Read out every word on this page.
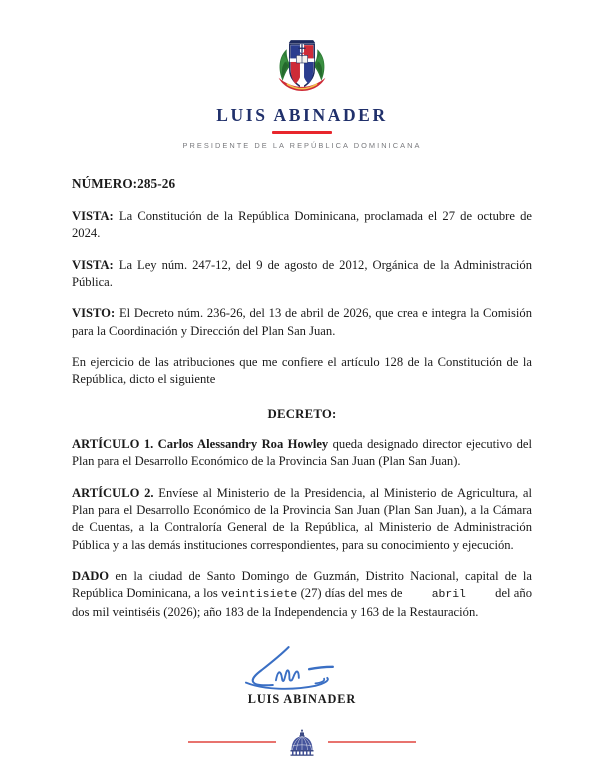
LUIS ABINADER
PRESIDENTE DE LA REPÚBLICA DOMINICANA
NÚMERO:285-26

VISTA: La Constitución de la República Dominicana, proclamada el 27 de octubre de 2024.

VISTA: La Ley núm. 247-12, del 9 de agosto de 2012, Orgánica de la Administración Pública.

VISTO: El Decreto núm. 236-26, del 13 de abril de 2026, que crea e integra la Comisión para la Coordinación y Dirección del Plan San Juan.

En ejercicio de las atribuciones que me confiere el artículo 128 de la Constitución de la República, dicto el siguiente

DECRETO:

ARTÍCULO 1. Carlos Alessandry Roa Howley queda designado director ejecutivo del Plan para el Desarrollo Económico de la Provincia San Juan (Plan San Juan).

ARTÍCULO 2. Envíese al Ministerio de la Presidencia, al Ministerio de Agricultura, al Plan para el Desarrollo Económico de la Provincia San Juan (Plan San Juan), a la Cámara de Cuentas, a la Contraloría General de la República, al Ministerio de Administración Pública y a las demás instituciones correspondientes, para su conocimiento y ejecución.

DADO en la ciudad de Santo Domingo de Guzmán, Distrito Nacional, capital de la República Dominicana, a los veintisiete (27) días del mes de abril del año dos mil veintiséis (2026); año 183 de la Independencia y 163 de la Restauración.

LUIS ABINADER
